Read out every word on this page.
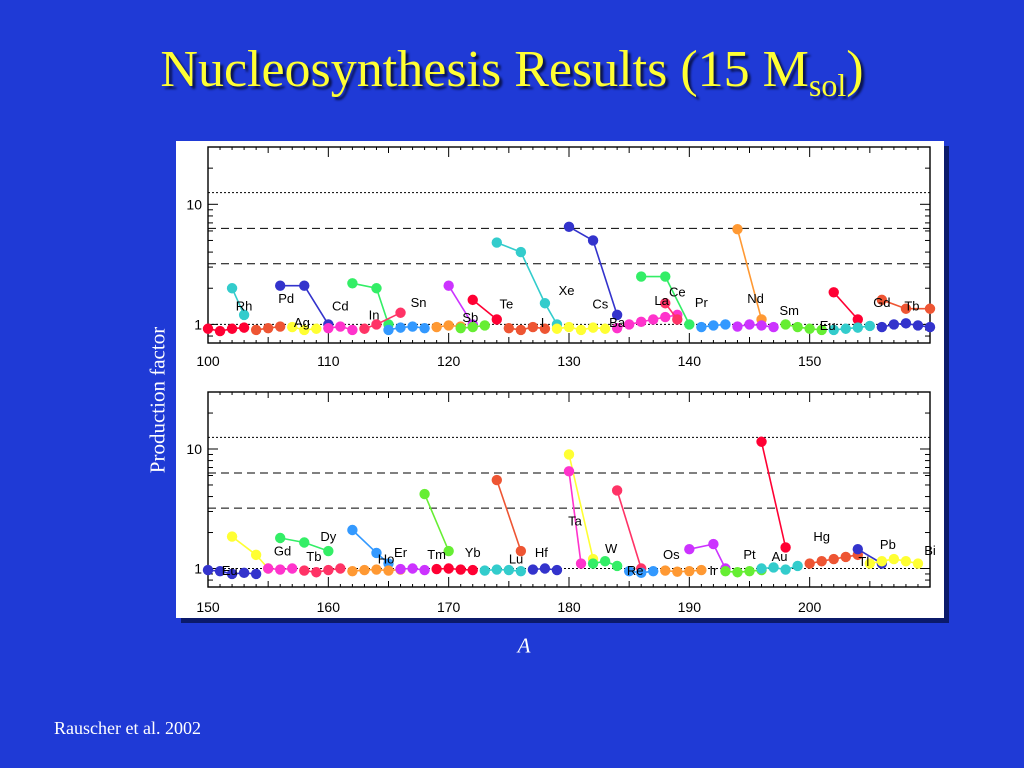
Nucleosynthesis Results (15 $M_{sol}$)
1
10
100	110	120	130	140	150
Rh Pd
Ag
Cd
In
Sn
Sb
Te
I
Xe
Cs
Ba
La
Ce
Pr	Nd
Sm
Eu
Gd Tb
1
10
150	160	170	180	190	200
Eu
Gd Tb
Dy
Ho Er Tm Yb Lu Hf
Ta
W
Re
Os
Ir
Pt Au
Hg
Tl
Pb Bi
Production factor
A
Rauscher et al. 2002
